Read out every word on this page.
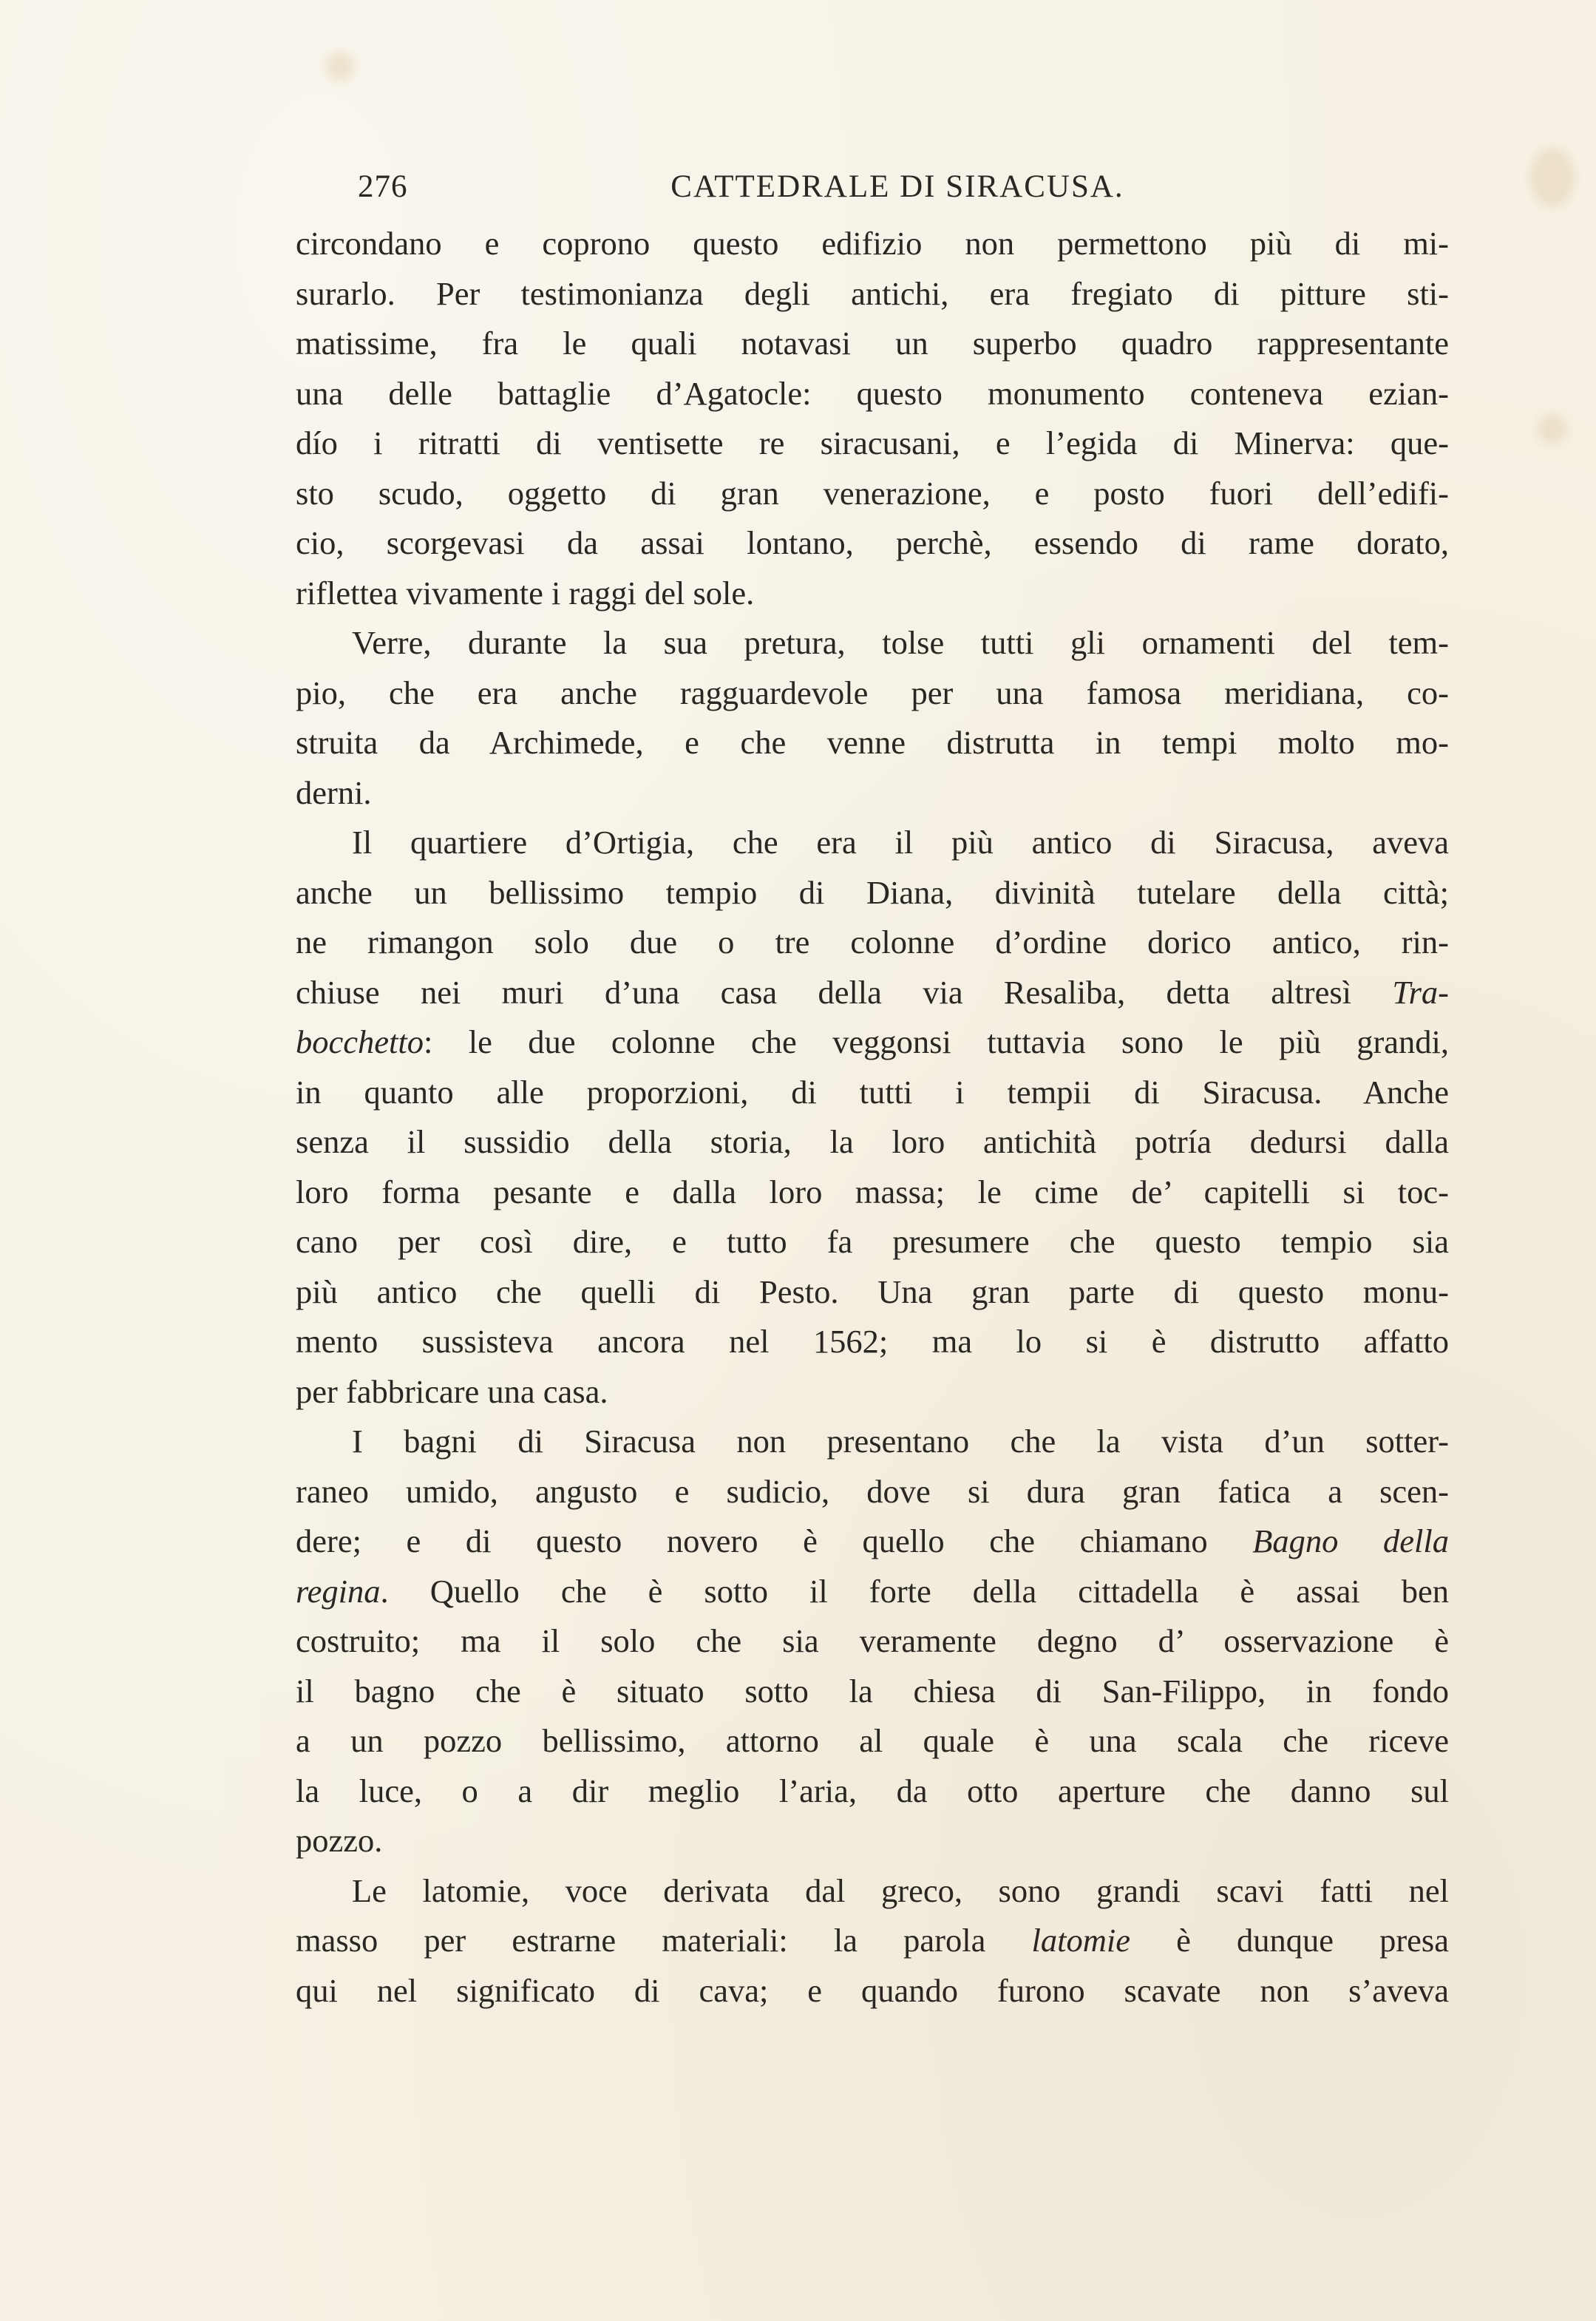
276	CATTEDRALE DI SIRACUSA.
circondano e coprono questo edifizio non permettono più di mi-
surarlo. Per testimonianza degli antichi, era fregiato di pitture sti-
matissime, fra le quali notavasi un superbo quadro rappresentante
una delle battaglie d’Agatocle: questo monumento conteneva ezian-
dío i ritratti di ventisette re siracusani, e l’egida di Minerva: que-
sto scudo, oggetto di gran venerazione, e posto fuori dell’edifi-
cio, scorgevasi da assai lontano, perchè, essendo di rame dorato,
riflettea vivamente i raggi del sole.
Verre, durante la sua pretura, tolse tutti gli ornamenti del tem-
pio, che era anche ragguardevole per una famosa meridiana, co-
struita da Archimede, e che venne distrutta in tempi molto mo-
derni.
Il quartiere d’Ortigia, che era il più antico di Siracusa, aveva
anche un bellissimo tempio di Diana, divinità tutelare della città;
ne rimangon solo due o tre colonne d’ordine dorico antico, rin-
chiuse nei muri d’una casa della via Resaliba, detta altresì Tra-
bocchetto: le due colonne che veggonsi tuttavia sono le più grandi,
in quanto alle proporzioni, di tutti i tempii di Siracusa. Anche
senza il sussidio della storia, la loro antichità potría dedursi dalla
loro forma pesante e dalla loro massa; le cime de’ capitelli si toc-
cano per così dire, e tutto fa presumere che questo tempio sia
più antico che quelli di Pesto. Una gran parte di questo monu-
mento sussisteva ancora nel 1562; ma lo si è distrutto affatto
per fabbricare una casa.
I bagni di Siracusa non presentano che la vista d’un sotter-
raneo umido, angusto e sudicio, dove si dura gran fatica a scen-
dere; e di questo novero è quello che chiamano Bagno della
regina. Quello che è sotto il forte della cittadella è assai ben
costruito; ma il solo che sia veramente degno d’ osservazione è
il bagno che è situato sotto la chiesa di San-Filippo, in fondo
a un pozzo bellissimo, attorno al quale è una scala che riceve
la luce, o a dir meglio l’aria, da otto aperture che danno sul
pozzo.
Le latomie, voce derivata dal greco, sono grandi scavi fatti nel
masso per estrarne materiali: la parola latomie è dunque presa
qui nel significato di cava; e quando furono scavate non s’aveva
